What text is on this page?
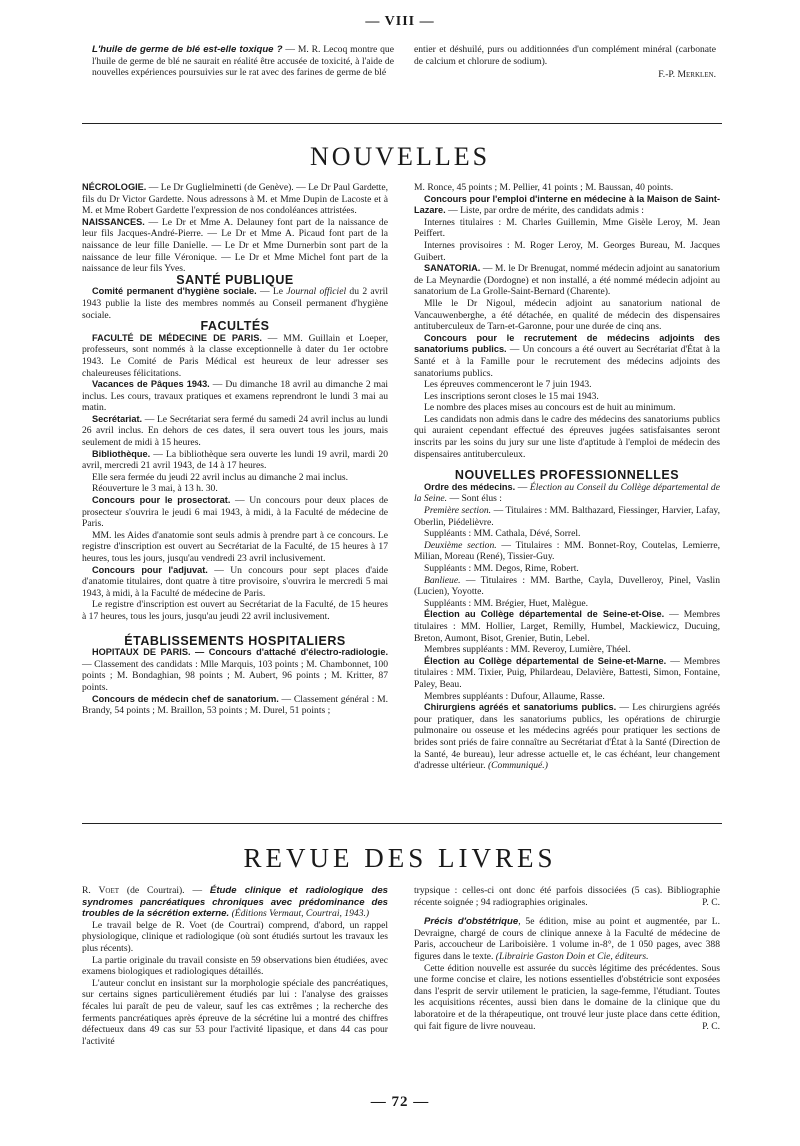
— VIII —

L'huile de germe de blé est-elle toxique ? — M. R. Lecoq montre que l'huile de germe de blé ne saurait en réalité être accusée de toxicité, à l'aide de nouvelles expériences poursuivies sur le rat avec des farines de germe de blé

entier et déshuilé, purs ou additionnées d'un complément minéral (carbonate de calcium et chlorure de sodium).

F.-P. Merklen.

NOUVELLES

NÉCROLOGIE. — Le Dr Guglielminetti (de Genève). — Le Dr Paul Gardette, fils du Dr Victor Gardette. Nous adressons à M. et Mme Dupin de Lacoste et à M. et Mme Robert Gardette l'expression de nos condoléances attristées.

NAISSANCES. — Le Dr et Mme A. Delauney font part de la naissance de leur fils Jacques-André-Pierre. — Le Dr et Mme A. Picaud font part de la naissance de leur fille Danielle. — Le Dr et Mme Durnerbin sont part de la naissance de leur fille Véronique. — Le Dr et Mme Michel font part de la naissance de leur fils Yves.

SANTÉ PUBLIQUE

Comité permanent d'hygiène sociale. — Le Journal officiel du 2 avril 1943 publie la liste des membres nommés au Conseil permanent d'hygiène sociale.

FACULTÉS

FACULTÉ DE MÉDECINE DE PARIS. — MM. Guillain et Loeper, professeurs, sont nommés à la classe exceptionnelle à dater du 1er octobre 1943. Le Comité de Paris Médical est heureux de leur adresser ses chaleureuses félicitations.

Vacances de Pâques 1943. — Du dimanche 18 avril au dimanche 2 mai inclus. Les cours, travaux pratiques et examens reprendront le lundi 3 mai au matin.

Secrétariat. — Le Secrétariat sera fermé du samedi 24 avril inclus au lundi 26 avril inclus. En dehors de ces dates, il sera ouvert tous les jours, mais seulement de midi à 15 heures.

Bibliothèque. — La bibliothèque sera ouverte les lundi 19 avril, mardi 20 avril, mercredi 21 avril 1943, de 14 à 17 heures.

Elle sera fermée du jeudi 22 avril inclus au dimanche 2 mai inclus.

Réouverture le 3 mai, à 13 h. 30.

Concours pour le prosectorat. — Un concours pour deux places de prosecteur s'ouvrira le jeudi 6 mai 1943, à midi, à la Faculté de médecine de Paris.

MM. les Aides d'anatomie sont seuls admis à prendre part à ce concours. Le registre d'inscription est ouvert au Secrétariat de la Faculté, de 15 heures à 17 heures, tous les jours, jusqu'au vendredi 23 avril inclusivement.

Concours pour l'adjuvat. — Un concours pour sept places d'aide d'anatomie titulaires, dont quatre à titre provisoire, s'ouvrira le mercredi 5 mai 1943, à midi, à la Faculté de médecine de Paris.

Le registre d'inscription est ouvert au Secrétariat de la Faculté, de 15 heures à 17 heures, tous les jours, jusqu'au jeudi 22 avril inclusivement.

ÉTABLISSEMENTS HOSPITALIERS

HOPITAUX DE PARIS. — Concours d'attaché d'électro-radiologie. — Classement des candidats : Mlle Marquis, 103 points ; M. Chambonnet, 100 points ; M. Bondaghian, 98 points ; M. Aubert, 96 points ; M. Kritter, 87 points.

Concours de médecin chef de sanatorium. — Classement général : M. Brandy, 54 points ; M. Braillon, 53 points ; M. Durel, 51 points ;

M. Ronce, 45 points ; M. Pellier, 41 points ; M. Baussan, 40 points.

Concours pour l'emploi d'interne en médecine à la Maison de Saint-Lazare. — Liste, par ordre de mérite, des candidats admis :

Internes titulaires : M. Charles Guillemin, Mme Gisèle Leroy, M. Jean Peiffert.

Internes provisoires : M. Roger Leroy, M. Georges Bureau, M. Jacques Guibert.

SANATORIA. — M. le Dr Brenugat, nommé médecin adjoint au sanatorium de La Meynardie (Dordogne) et non installé, a été nommé médecin adjoint au sanatorium de La Grolle-Saint-Bernard (Charente).

Mlle le Dr Nigoul, médecin adjoint au sanatorium national de Vancauwenberghe, a été détachée, en qualité de médecin des dispensaires antituberculeux de Tarn-et-Garonne, pour une durée de cinq ans.

Concours pour le recrutement de médecins adjoints des sanatoriums publics. — Un concours a été ouvert au Secrétariat d'État à la Santé et à la Famille pour le recrutement des médecins adjoints des sanatoriums publics.

Les épreuves commenceront le 7 juin 1943.

Les inscriptions seront closes le 15 mai 1943.

Le nombre des places mises au concours est de huit au minimum.

Les candidats non admis dans le cadre des médecins des sanatoriums publics qui auraient cependant effectué des épreuves jugées satisfaisantes seront inscrits par les soins du jury sur une liste d'aptitude à l'emploi de médecin des dispensaires antituberculeux.

NOUVELLES PROFESSIONNELLES

Ordre des médecins. — Élection au Conseil du Collège départemental de la Seine. — Sont élus :

Première section. — Titulaires : MM. Balthazard, Fiessinger, Harvier, Lafay, Oberlin, Piédelièvre.

Suppléants : MM. Cathala, Dévé, Sorrel.

Deuxième section. — Titulaires : MM. Bonnet-Roy, Coutelas, Lemierre, Milian, Moreau (René), Tissier-Guy.

Suppléants : MM. Degos, Rime, Robert.

Banlieue. — Titulaires : MM. Barthe, Cayla, Duvelleroy, Pinel, Vaslin (Lucien), Yoyotte.

Suppléants : MM. Brégier, Huet, Malègue.

Élection au Collège départemental de Seine-et-Oise. — Membres titulaires : MM. Hollier, Larget, Remilly, Humbel, Mackiewicz, Ducuing, Breton, Aumont, Bisot, Grenier, Butin, Lebel.

Membres suppléants : MM. Reveroy, Lumière, Théel.

Élection au Collège départemental de Seine-et-Marne. — Membres titulaires : MM. Tixier, Puig, Philardeau, Delavière, Battesti, Simon, Fontaine, Paley, Beau.

Membres suppléants : Dufour, Allaume, Rasse.

Chirurgiens agréés et sanatoriums publics. — Les chirurgiens agréés pour pratiquer, dans les sanatoriums publics, les opérations de chirurgie pulmonaire ou osseuse et les médecins agréés pour pratiquer les sections de brides sont priés de faire connaître au Secrétariat d'État à la Santé (Direction de la Santé, 4e bureau), leur adresse actuelle et, le cas échéant, leur changement d'adresse ultérieur. (Communiqué.)

REVUE DES LIVRES

R. Voet (de Courtrai). — Étude clinique et radiologique des syndromes pancréatiques chroniques avec prédominance des troubles de la sécrétion externe. (Éditions Vermaut, Courtrai, 1943.)

Le travail belge de R. Voet (de Courtrai) comprend, d'abord, un rappel physiologique, clinique et radiologique (où sont étudiés surtout les travaux les plus récents).

La partie originale du travail consiste en 59 observations bien étudiées, avec examens biologiques et radiologiques détaillés.

L'auteur conclut en insistant sur la morphologie spéciale des pancréatiques, sur certains signes particulièrement étudiés par lui : l'analyse des graisses fécales lui paraît de peu de valeur, sauf les cas extrêmes ; la recherche des ferments pancréatiques après épreuve de la sécrétine lui a montré des chiffres défectueux dans 49 cas sur 53 pour l'activité lipasique, et dans 44 cas pour l'activité

trypsique : celles-ci ont donc été parfois dissociées (5 cas). Bibliographie récente soignée ; 94 radiographies originales.	P. C.

Précis d'obstétrique, 5e édition, mise au point et augmentée, par L. Devraigne, chargé de cours de clinique annexe à la Faculté de médecine de Paris, accoucheur de Lariboisière. 1 volume in-8°, de 1 050 pages, avec 388 figures dans le texte. (Librairie Gaston Doin et Cie, éditeurs.

Cette édition nouvelle est assurée du succès légitime des précédentes. Sous une forme concise et claire, les notions essentielles d'obstétricie sont exposées dans l'esprit de servir utilement le praticien, la sage-femme, l'étudiant. Toutes les acquisitions récentes, aussi bien dans le domaine de la clinique que du laboratoire et de la thérapeutique, ont trouvé leur juste place dans cette édition, qui fait figure de livre nouveau.	P. C.

— 72 —
